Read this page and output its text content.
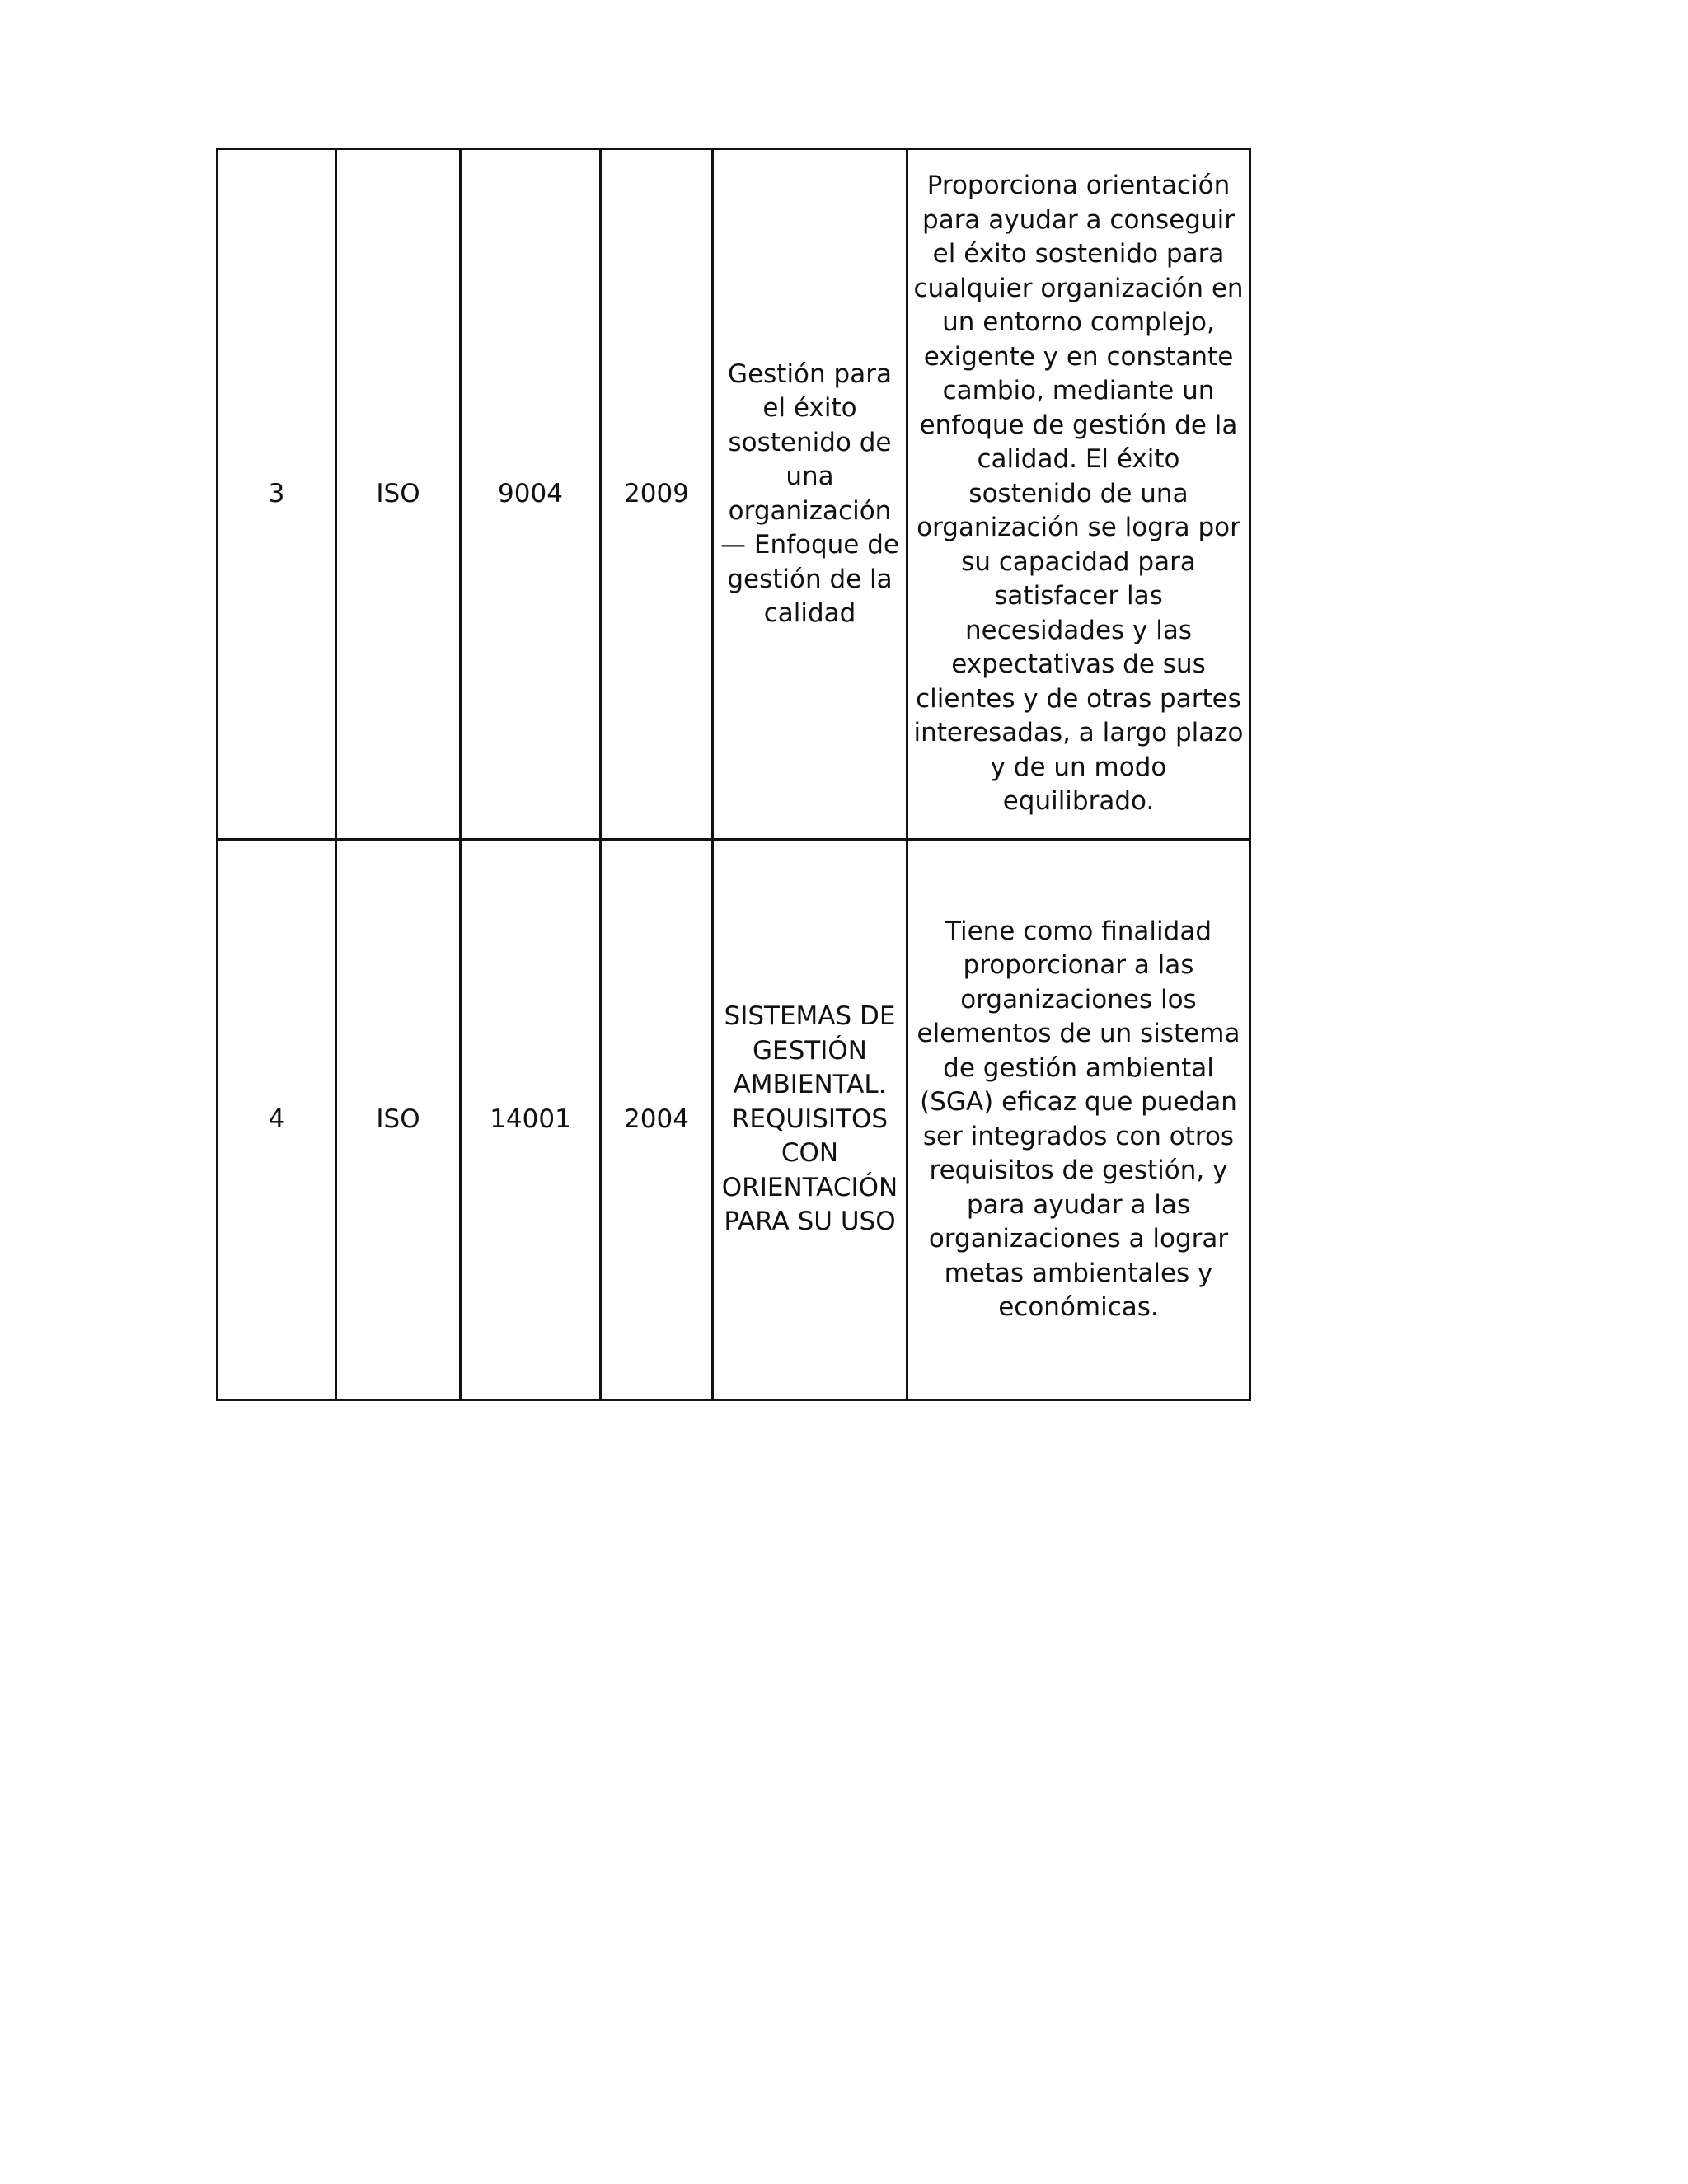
3	ISO	9004	2009	Gestión para el éxito sostenido de una organización — Enfoque de gestión de la calidad	Proporciona orientación para ayudar a conseguir el éxito sostenido para cualquier organización en un entorno complejo, exigente y en constante cambio, mediante un enfoque de gestión de la calidad. El éxito sostenido de una organización se logra por su capacidad para satisfacer las necesidades y las expectativas de sus clientes y de otras partes interesadas, a largo plazo y de un modo equilibrado.
4	ISO	14001	2004	SISTEMAS DE GESTIÓN AMBIENTAL. REQUISITOS CON ORIENTACIÓN PARA SU USO	Tiene como finalidad proporcionar a las organizaciones los elementos de un sistema de gestión ambiental (SGA) eficaz que puedan ser integrados con otros requisitos de gestión, y para ayudar a las organizaciones a lograr metas ambientales y económicas.
